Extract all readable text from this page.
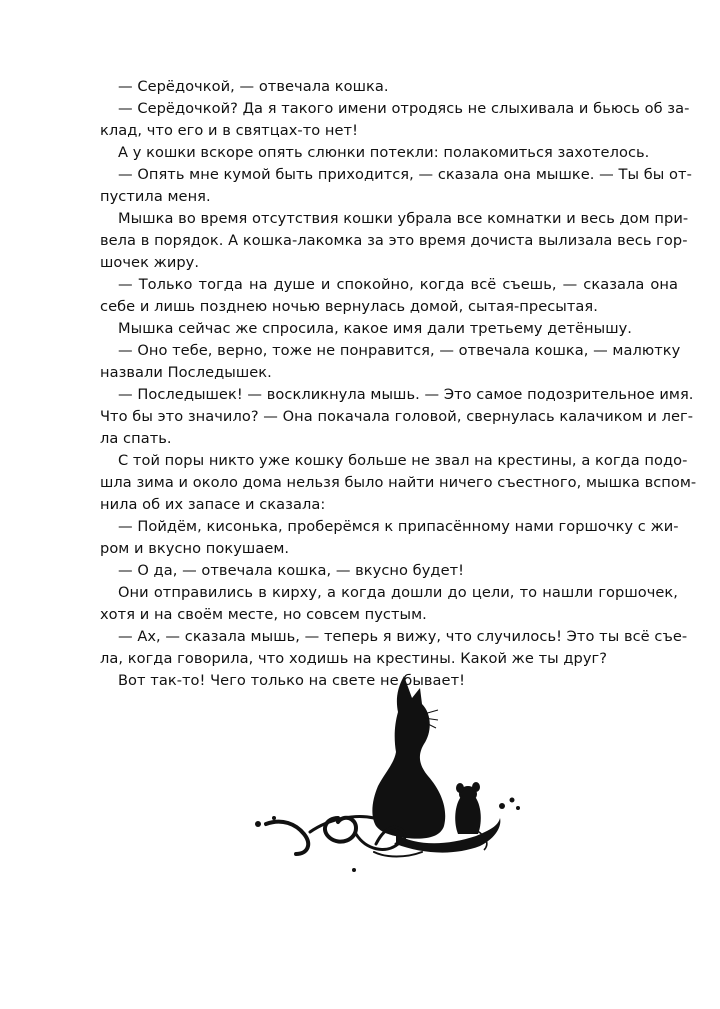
— Серёдочкой, — отвечала кошка.
— Серёдочкой? Да я такого имени отродясь не слыхивала и бьюсь об за-
клад, что его и в святцах-то нет!
А у кошки вскоре опять слюнки потекли: полакомиться захотелось.
— Опять мне кумой быть приходится, — сказала она мышке. — Ты бы от-
пустила меня.
Мышка во время отсутствия кошки убрала все комнатки и весь дом при-
вела в порядок. А кошка-лакомка за это время дочиста вылизала весь гор-
шочек жиру.
— Только тогда на душе и спокойно, когда всё съешь, — сказала она
себе и лишь позднею ночью вернулась домой, сытая-пресытая.
Мышка сейчас же спросила, какое имя дали третьему детёнышу.
— Оно тебе, верно, тоже не понравится, — отвечала кошка, — малютку
назвали Последышек.
— Последышек! — воскликнула мышь. — Это самое подозрительное имя.
Что бы это значило? — Она покачала головой, свернулась калачиком и лег-
ла спать.
С той поры никто уже кошку больше не звал на крестины, а когда подо-
шла зима и около дома нельзя было найти ничего съестного, мышка вспом-
нила об их запасе и сказала:
— Пойдём, кисонька, проберёмся к припасённому нами горшочку с жи-
ром и вкусно покушаем.
— О да, — отвечала кошка, — вкусно будет!
Они отправились в кирху, а когда дошли до цели, то нашли горшочек,
хотя и на своём месте, но совсем пустым.
— Ах, — сказала мышь, — теперь я вижу, что случилось! Это ты всё съе-
ла, когда говорила, что ходишь на крестины. Какой же ты друг?
Вот так-то! Чего только на свете не бывает!
